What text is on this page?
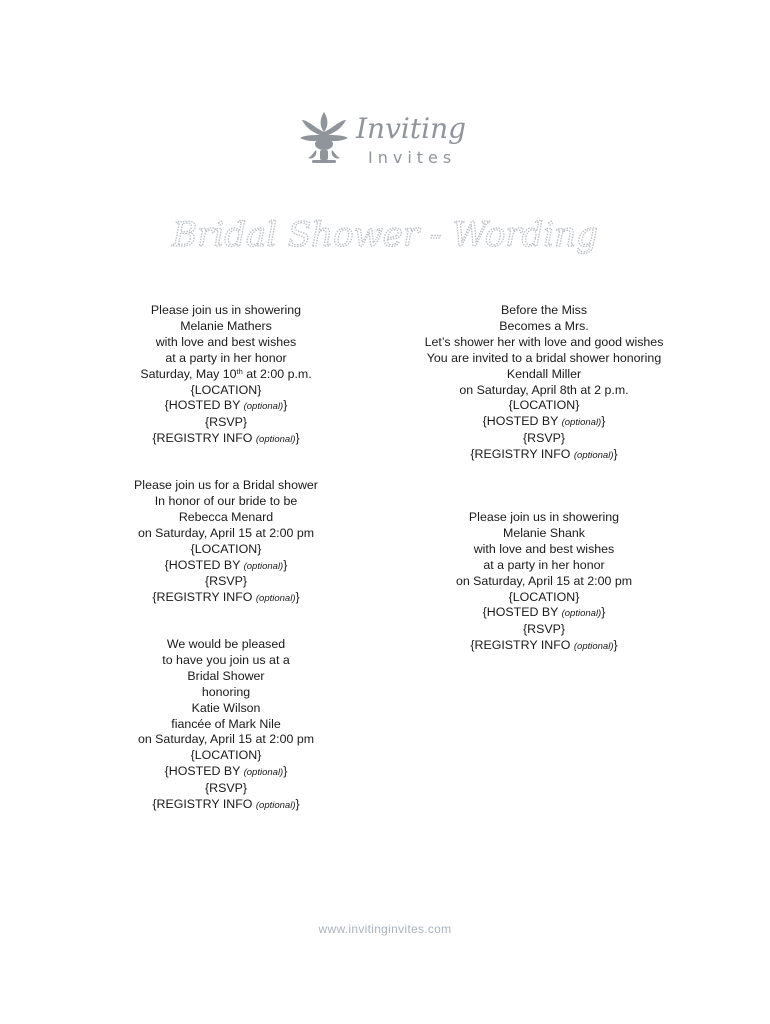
Inviting
Invites
Bridal Shower - Wording
Please join us in showering
Melanie Mathers
with love and best wishes
at a party in her honor
Saturday, May 10th at 2:00 p.m.
{LOCATION}
{HOSTED BY (optional)}
{RSVP}
{REGISTRY INFO (optional)}
Before the Miss
Becomes a Mrs.
Let’s shower her with love and good wishes
You are invited to a bridal shower honoring
Kendall Miller
on Saturday, April 8th at 2 p.m.
{LOCATION}
{HOSTED BY (optional)}
{RSVP}
{REGISTRY INFO (optional)}
Please join us for a Bridal shower
In honor of our bride to be
Rebecca Menard
on Saturday, April 15 at 2:00 pm
{LOCATION}
{HOSTED BY (optional)}
{RSVP}
{REGISTRY INFO (optional)}
Please join us in showering
Melanie Shank
with love and best wishes
at a party in her honor
on Saturday, April 15 at 2:00 pm
{LOCATION}
{HOSTED BY (optional)}
{RSVP}
{REGISTRY INFO (optional)}
We would be pleased
to have you join us at a
Bridal Shower
honoring
Katie Wilson
fiancée of Mark Nile
on Saturday, April 15 at 2:00 pm
{LOCATION}
{HOSTED BY (optional)}
{RSVP}
{REGISTRY INFO (optional)}
www.invitinginvites.com
